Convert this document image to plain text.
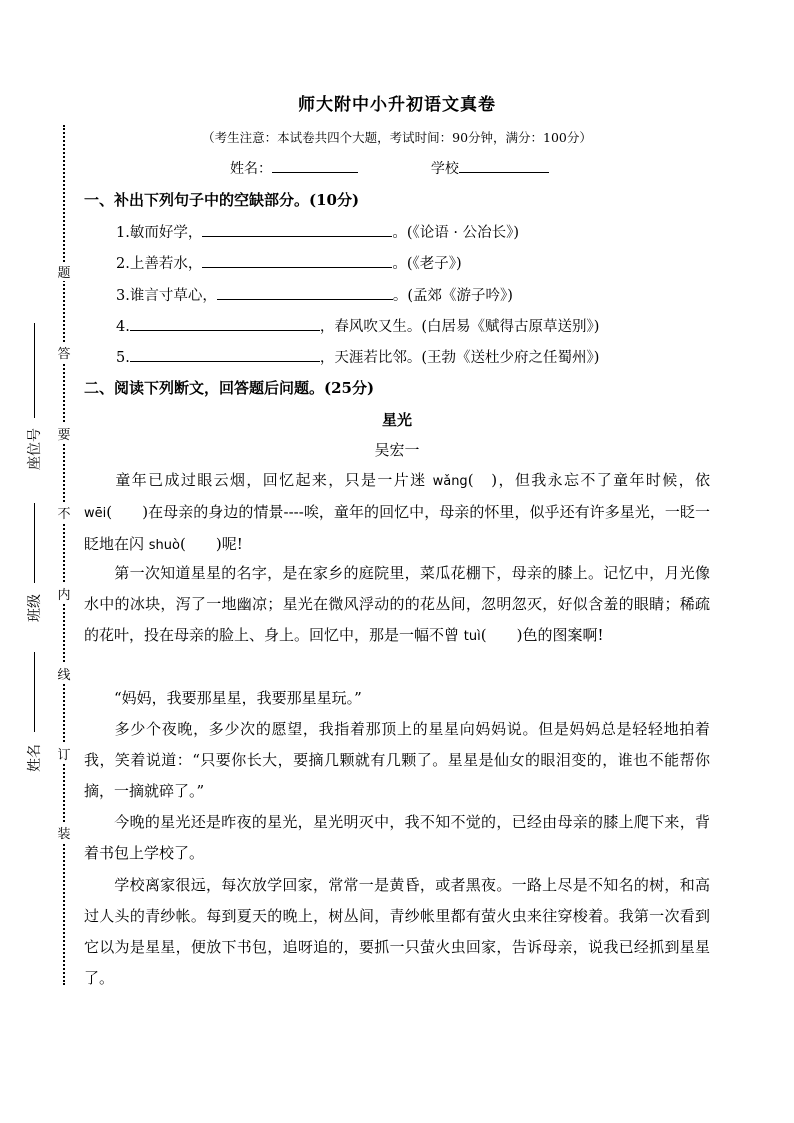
题
答
要
不
内
线
订
装
座位号
班级
姓名
师大附中小升初语文真卷
（考生注意：本试卷共四个大题，考试时间：90分钟，满分：100分）
姓名：	学校
一、补出下列句子中的空缺部分。(10分)
1.敏而好学，	。(《论语 · 公冶长》)
2.上善若水，	。(《老子》)
3.谁言寸草心，	。(孟郊《游子吟》)
4.	，春风吹又生。(白居易《赋得古原草送别》)
5.	，天涯若比邻。(王勃《送杜少府之任蜀州》)
二、阅读下列断文，回答题后问题。(25分)
星光
吴宏一
童年已成过眼云烟，回忆起来，只是一片迷 wǎng(　)，但我永忘不了童年时候，依wēi(　　)在母亲的身边的情景----唉，童年的回忆中，母亲的怀里，似乎还有许多星光，一眨一眨地在闪 shuò(　　)呢!
第一次知道星星的名字，是在家乡的庭院里，菜瓜花棚下，母亲的膝上。记忆中，月光像水中的冰块，泻了一地幽凉；星光在微风浮动的的花丛间，忽明忽灭，好似含羞的眼睛；稀疏的花叶，投在母亲的脸上、身上。回忆中，那是一幅不曾 tuì(　　)色的图案啊!
“妈妈，我要那星星，我要那星星玩。”
多少个夜晚，多少次的愿望，我指着那顶上的星星向妈妈说。但是妈妈总是轻轻地拍着我，笑着说道：“只要你长大，要摘几颗就有几颗了。星星是仙女的眼泪变的，谁也不能帮你摘，一摘就碎了。”
今晚的星光还是昨夜的星光，星光明灭中，我不知不觉的，已经由母亲的膝上爬下来，背着书包上学校了。
学校离家很远，每次放学回家，常常一是黄昏，或者黑夜。一路上尽是不知名的树，和高过人头的青纱帐。每到夏天的晚上，树丛间，青纱帐里都有萤火虫来往穿梭着。我第一次看到它以为是星星，便放下书包，追呀追的，要抓一只萤火虫回家，告诉母亲，说我已经抓到星星了。
